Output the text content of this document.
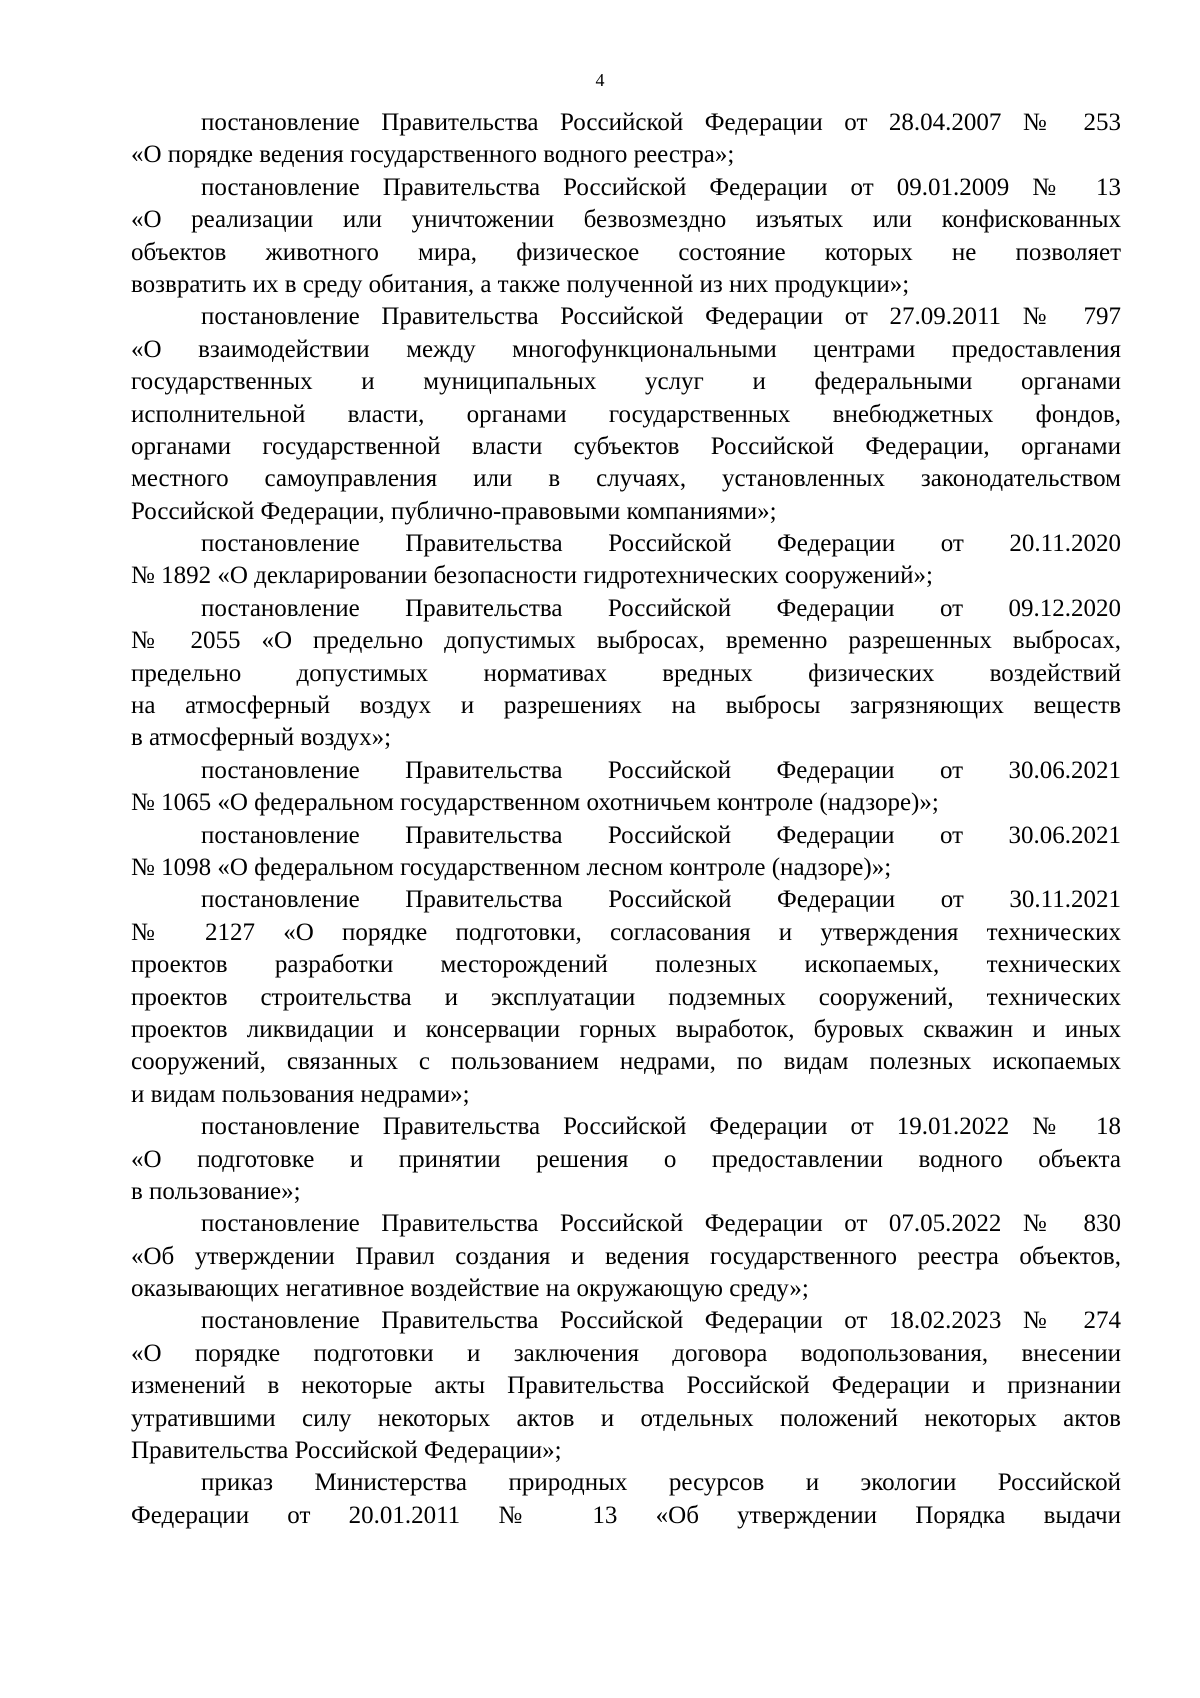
4
постановление Правительства Российской Федерации от 28.04.2007 № 253
«О порядке ведения государственного водного реестра»;
постановление Правительства Российской Федерации от 09.01.2009 № 13
«О реализации или уничтожении безвозмездно изъятых или конфискованных
объектов животного мира, физическое состояние которых не позволяет
возвратить их в среду обитания, а также полученной из них продукции»;
постановление Правительства Российской Федерации от 27.09.2011 № 797
«О взаимодействии между многофункциональными центрами предоставления
государственных и муниципальных услуг и федеральными органами
исполнительной власти, органами государственных внебюджетных фондов,
органами государственной власти субъектов Российской Федерации, органами
местного самоуправления или в случаях, установленных законодательством
Российской Федерации, публично-правовыми компаниями»;
постановление Правительства Российской Федерации от 20.11.2020
№ 1892 «О декларировании безопасности гидротехнических сооружений»;
постановление Правительства Российской Федерации от 09.12.2020
№ 2055 «О предельно допустимых выбросах, временно разрешенных выбросах,
предельно допустимых нормативах вредных физических воздействий
на атмосферный воздух и разрешениях на выбросы загрязняющих веществ
в атмосферный воздух»;
постановление Правительства Российской Федерации от 30.06.2021
№ 1065 «О федеральном государственном охотничьем контроле (надзоре)»;
постановление Правительства Российской Федерации от 30.06.2021
№ 1098 «О федеральном государственном лесном контроле (надзоре)»;
постановление Правительства Российской Федерации от 30.11.2021
№ 2127 «О порядке подготовки, согласования и утверждения технических
проектов разработки месторождений полезных ископаемых, технических
проектов строительства и эксплуатации подземных сооружений, технических
проектов ликвидации и консервации горных выработок, буровых скважин и иных
сооружений, связанных с пользованием недрами, по видам полезных ископаемых
и видам пользования недрами»;
постановление Правительства Российской Федерации от 19.01.2022 № 18
«О подготовке и принятии решения о предоставлении водного объекта
в пользование»;
постановление Правительства Российской Федерации от 07.05.2022 № 830
«Об утверждении Правил создания и ведения государственного реестра объектов,
оказывающих негативное воздействие на окружающую среду»;
постановление Правительства Российской Федерации от 18.02.2023 № 274
«О порядке подготовки и заключения договора водопользования, внесении
изменений в некоторые акты Правительства Российской Федерации и признании
утратившими силу некоторых актов и отдельных положений некоторых актов
Правительства Российской Федерации»;
приказ Министерства природных ресурсов и экологии Российской
Федерации от 20.01.2011 № 13 «Об утверждении Порядка выдачи
